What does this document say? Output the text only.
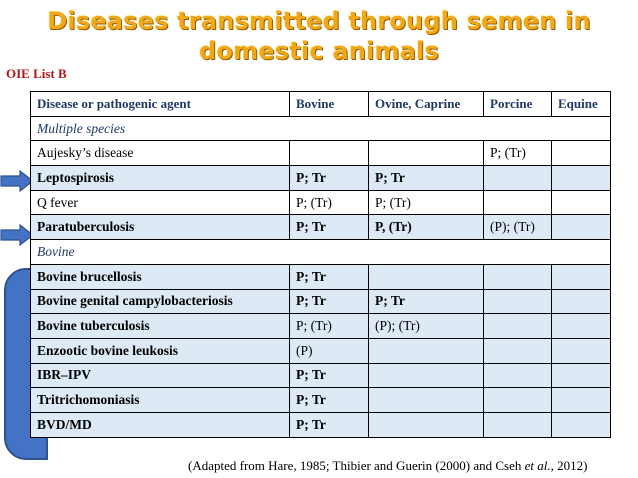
Diseases transmitted through semen in domestic animals
OIE List B
Disease or pathogenic agent	Bovine	Ovine, Caprine	Porcine	Equine
Multiple species				
Aujesky’s disease			P; (Tr)	
Leptospirosis	P; Tr	P; Tr		
Q fever	P; (Tr)	P; (Tr)		
Paratuberculosis	P; Tr	P, (Tr)	(P); (Tr)	
Bovine				
Bovine brucellosis	P; Tr			
Bovine genital campylobacteriosis	P; Tr	P; Tr		
Bovine tuberculosis	P; (Tr)	(P); (Tr)		
Enzootic bovine leukosis	(P)			
IBR–IPV	P; Tr			
Tritrichomoniasis	P; Tr			
BVD/MD	P; Tr			
(Adapted from Hare, 1985; Thibier and Guerin (2000) and Cseh et al., 2012)
